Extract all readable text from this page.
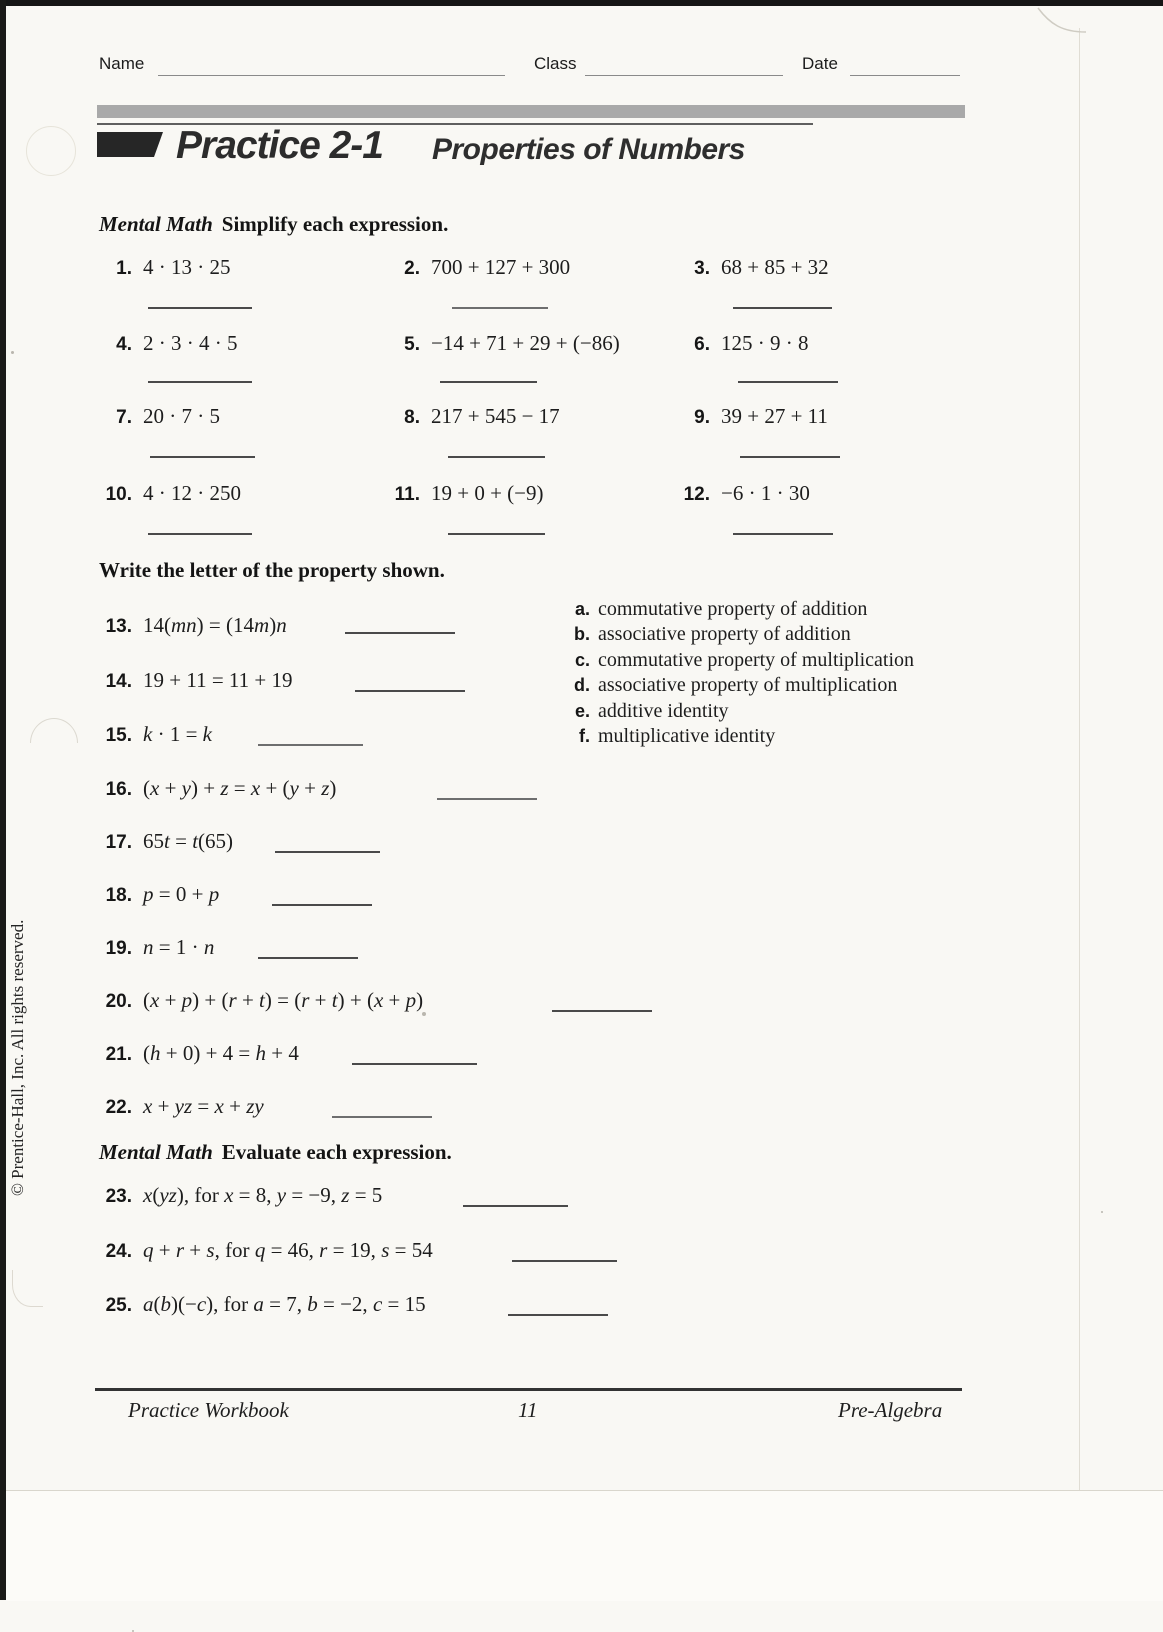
Name	Class	Date
Practice 2-1 Properties of Numbers
Mental Math Simplify each expression.
1. 4 · 13 · 25	2. 700 + 127 + 300	3. 68 + 85 + 32
4. 2 · 3 · 4 · 5	5. −14 + 71 + 29 + (−86)	6. 125 · 9 · 8
7. 20 · 7 · 5	8. 217 + 545 − 17	9. 39 + 27 + 11
10. 4 · 12 · 250	11. 19 + 0 + (−9)	12. −6 · 1 · 30
Write the letter of the property shown.
13. 14(mn) = (14m)n
14. 19 + 11 = 11 + 19
15. k · 1 = k
16. (x + y) + z = x + (y + z)
17. 65t = t(65)
18. p = 0 + p
19. n = 1 · n
20. (x + p) + (r + t) = (r + t) + (x + p)
21. (h + 0) + 4 = h + 4
22. x + yz = x + zy
a. commutative property of addition
b. associative property of addition
c. commutative property of multiplication
d. associative property of multiplication
e. additive identity
f. multiplicative identity
Mental Math Evaluate each expression.
23. x(yz), for x = 8, y = −9, z = 5
24. q + r + s, for q = 46, r = 19, s = 54
25. a(b)(−c), for a = 7, b = −2, c = 15
Practice Workbook	11	Pre-Algebra
© Prentice-Hall, Inc. All rights reserved.
